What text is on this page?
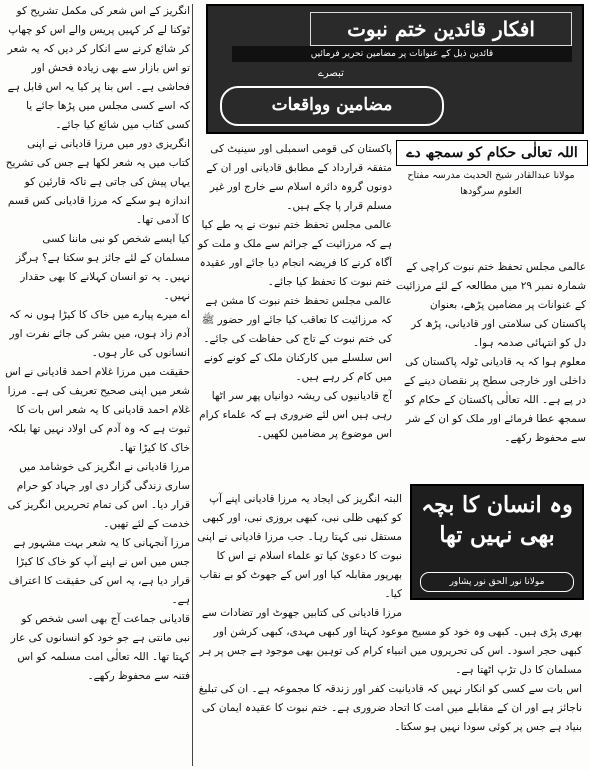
انگریز کے اس شعر کی مکمل تشریح کو ٹوکنا لے کر کہیں پریس والے اس کو چھاپ کر شائع کرنے سے انکار کر دیں کہ یہ شعر تو اس بازار سے بھی زیادہ فحش اور فحاشی ہے۔ اس بنا پر کیا یہ اس قابل ہے کہ اسے کسی مجلس میں پڑھا جائے یا کسی کتاب میں شائع کیا جائے۔

انگریزی دور میں مرزا قادیانی نے اپنی کتاب میں یہ شعر لکھا ہے جس کی تشریح یہاں پیش کی جاتی ہے تاکہ قارئین کو اندازہ ہو سکے کہ مرزا قادیانی کس قسم کا آدمی تھا۔

کیا ایسے شخص کو نبی ماننا کسی مسلمان کے لئے جائز ہو سکتا ہے؟ ہرگز نہیں۔ یہ تو انسان کہلانے کا بھی حقدار نہیں۔

اے میرے پیارے میں خاک کا کیڑا ہوں نہ کہ آدم زاد ہوں، میں بشر کی جائے نفرت اور انسانوں کی عار ہوں۔

حقیقت میں مرزا غلام احمد قادیانی نے اس شعر میں اپنی صحیح تعریف کی ہے۔ مرزا غلام احمد قادیانی کا یہ شعر اس بات کا ثبوت ہے کہ وہ آدم کی اولاد نہیں تھا بلکہ خاک کا کیڑا تھا۔

مرزا قادیانی نے انگریز کی خوشامد میں ساری زندگی گزار دی اور جہاد کو حرام قرار دیا۔ اس کی تمام تحریریں انگریز کی خدمت کے لئے تھیں۔

مرزا آنجہانی کا یہ شعر بہت مشہور ہے جس میں اس نے اپنے آپ کو خاک کا کیڑا قرار دیا ہے، یہ اس کی حقیقت کا اعتراف ہے۔

قادیانی جماعت آج بھی اسی شخص کو نبی مانتی ہے جو خود کو انسانوں کی عار کہتا تھا۔ اللہ تعالٰی امت مسلمہ کو اس فتنہ سے محفوظ رکھے۔

افکار قائدین ختم نبوت
قائدین ذیل کے عنوانات پر مضامین تحریر فرمائیں
تبصرے
مضامین وواقعات

پاکستان کی قومی اسمبلی اور سینیٹ کی متفقہ قرارداد کے مطابق قادیانی اور ان کے دونوں گروہ دائرہ اسلام سے خارج اور غیر مسلم قرار پا چکے ہیں۔

عالمی مجلس تحفظ ختم نبوت نے یہ طے کیا ہے کہ مرزائیت کے جرائم سے ملک و ملت کو آگاہ کرنے کا فریضہ انجام دیا جائے اور عقیدہ ختم نبوت کا تحفظ کیا جائے۔

عالمی مجلس تحفظ ختم نبوت کا مشن ہے کہ مرزائیت کا تعاقب کیا جائے اور حضور ﷺ کی ختم نبوت کے تاج کی حفاظت کی جائے۔ اس سلسلے میں کارکنان ملک کے کونے کونے میں کام کر رہے ہیں۔

آج قادیانیوں کی ریشہ دوانیاں پھر سر اٹھا رہی ہیں اس لئے ضروری ہے کہ علماء کرام اس موضوع پر مضامین لکھیں۔

اللہ تعالٰی حکام کو سمجھ دے
مولانا عبدالقادر شیخ الحدیث مدرسہ مفتاح العلوم سرگودھا

عالمی مجلس تحفظ ختم نبوت کراچی کے شمارہ نمبر ۲۹ میں مطالعہ کے لئے مرزائیت کے عنوانات پر مضامین پڑھے، بعنوان پاکستان کی سلامتی اور قادیانی، پڑھ کر دل کو انتہائی صدمہ ہوا۔

معلوم ہوا کہ یہ قادیانی ٹولہ پاکستان کی داخلی اور خارجی سطح پر نقصان دینے کے در پے ہے۔ اللہ تعالٰی پاکستان کے حکام کو سمجھ عطا فرمائے اور ملک کو ان کے شر سے محفوظ رکھے۔

وہ انسان کا بچہ بھی نہیں تھا
مولانا نور الحق نور پشاور

البتہ انگریز کی ایجاد یہ مرزا قادیانی اپنے آپ کو کبھی ظلی نبی، کبھی بروزی نبی، اور کبھی مستقل نبی کہتا رہا۔ جب مرزا قادیانی نے اپنی نبوت کا دعویٰ کیا تو علماء اسلام نے اس کا بھرپور مقابلہ کیا اور اس کے جھوٹ کو بے نقاب کیا۔

مرزا قادیانی کی کتابیں جھوٹ اور تضادات سے بھری پڑی ہیں۔ کبھی وہ خود کو مسیح موعود کہتا اور کبھی مہدی، کبھی کرشن اور کبھی حجر اسود۔ اس کی تحریروں میں انبیاء کرام کی توہین بھی موجود ہے جس پر ہر مسلمان کا دل تڑپ اٹھتا ہے۔

اس بات سے کسی کو انکار نہیں کہ قادیانیت کفر اور زندقہ کا مجموعہ ہے۔ ان کی تبلیغ ناجائز ہے اور ان کے مقابلے میں امت کا اتحاد ضروری ہے۔ ختم نبوت کا عقیدہ ایمان کی بنیاد ہے جس پر کوئی سودا نہیں ہو سکتا۔
